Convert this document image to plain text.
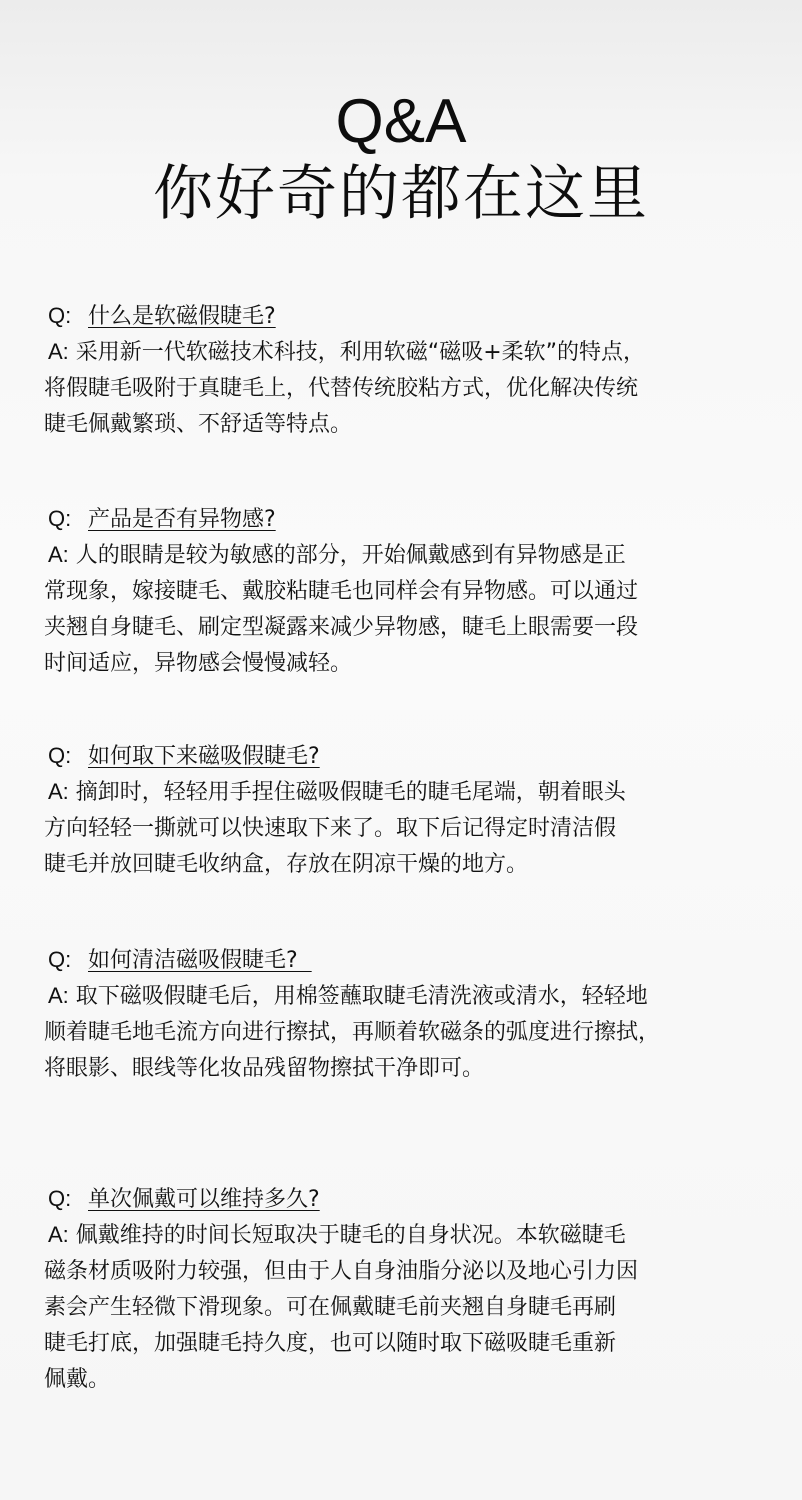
Q&A
你好奇的都在这里
Q: 什么是软磁假睫毛?
A: 采用新一代软磁技术科技，利用软磁“磁吸+柔软”的特点，
将假睫毛吸附于真睫毛上，代替传统胶粘方式，优化解决传统
睫毛佩戴繁琐、不舒适等特点。
Q: 产品是否有异物感?
A: 人的眼睛是较为敏感的部分，开始佩戴感到有异物感是正
常现象，嫁接睫毛、戴胶粘睫毛也同样会有异物感。可以通过
夹翘自身睫毛、刷定型凝露来减少异物感，睫毛上眼需要一段
时间适应，异物感会慢慢减轻。
Q: 如何取下来磁吸假睫毛?
A: 摘卸时，轻轻用手捏住磁吸假睫毛的睫毛尾端，朝着眼头
方向轻轻一撕就可以快速取下来了。取下后记得定时清洁假
睫毛并放回睫毛收纳盒，存放在阴凉干燥的地方。
Q: 如何清洁磁吸假睫毛?
A: 取下磁吸假睫毛后，用棉签蘸取睫毛清洗液或清水，轻轻地
顺着睫毛地毛流方向进行擦拭，再顺着软磁条的弧度进行擦拭，
将眼影、眼线等化妆品残留物擦拭干净即可。
Q: 单次佩戴可以维持多久?
A: 佩戴维持的时间长短取决于睫毛的自身状况。本软磁睫毛
磁条材质吸附力较强，但由于人自身油脂分泌以及地心引力因
素会产生轻微下滑现象。可在佩戴睫毛前夹翘自身睫毛再刷
睫毛打底，加强睫毛持久度，也可以随时取下磁吸睫毛重新
佩戴。
